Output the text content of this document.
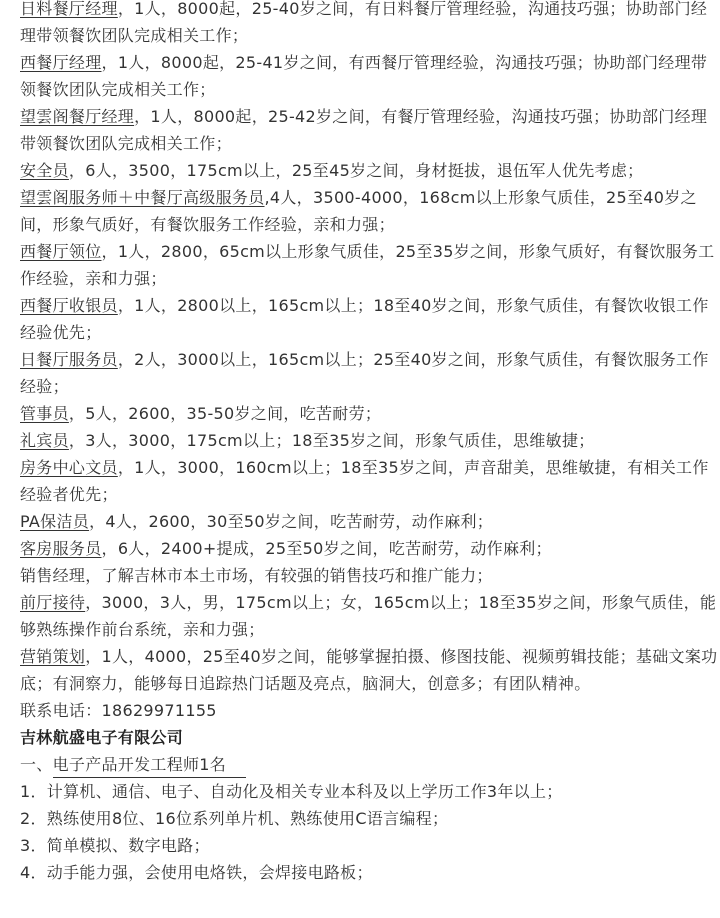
日料餐厅经理，1人，8000起，25-40岁之间，有日料餐厅管理经验，沟通技巧强；协助部门经理带领餐饮团队完成相关工作；

西餐厅经理，1人，8000起，25-41岁之间，有西餐厅管理经验，沟通技巧强；协助部门经理带领餐饮团队完成相关工作；

望雲阁餐厅经理，1人，8000起，25-42岁之间，有餐厅管理经验，沟通技巧强；协助部门经理带领餐饮团队完成相关工作；

安全员，6人，3500，175cm以上，25至45岁之间，身材挺拔，退伍军人优先考虑；

望雲阁服务师＋中餐厅高级服务员,4人，3500-4000，168cm以上形象气质佳，25至40岁之间，形象气质好，有餐饮服务工作经验，亲和力强；

西餐厅领位，1人，2800，65cm以上形象气质佳，25至35岁之间，形象气质好，有餐饮服务工作经验，亲和力强；

西餐厅收银员，1人，2800以上，165cm以上；18至40岁之间，形象气质佳，有餐饮收银工作经验优先；

日餐厅服务员，2人，3000以上，165cm以上；25至40岁之间，形象气质佳，有餐饮服务工作经验；

管事员，5人，2600，35-50岁之间，吃苦耐劳；

礼宾员，3人，3000，175cm以上；18至35岁之间，形象气质佳，思维敏捷；

房务中心文员，1人，3000，160cm以上；18至35岁之间，声音甜美，思维敏捷，有相关工作经验者优先；

PA保洁员，4人，2600，30至50岁之间，吃苦耐劳，动作麻利；

客房服务员，6人，2400+提成，25至50岁之间，吃苦耐劳，动作麻利；

销售经理，了解吉林市本土市场，有较强的销售技巧和推广能力；

前厅接待，3000，3人，男，175cm以上；女，165cm以上；18至35岁之间，形象气质佳，能够熟练操作前台系统，亲和力强；

营销策划，1人，4000，25至40岁之间，能够掌握拍摄、修图技能、视频剪辑技能；基础文案功底；有洞察力，能够每日追踪热门话题及亮点，脑洞大，创意多；有团队精神。

联系电话：18629971155

吉林航盛电子有限公司

一、电子产品开发工程师1名

1．计算机、通信、电子、自动化及相关专业本科及以上学历工作3年以上；

2．熟练使用8位、16位系列单片机、熟练使用C语言编程；

3．简单模拟、数字电路；

4．动手能力强，会使用电烙铁，会焊接电路板；
